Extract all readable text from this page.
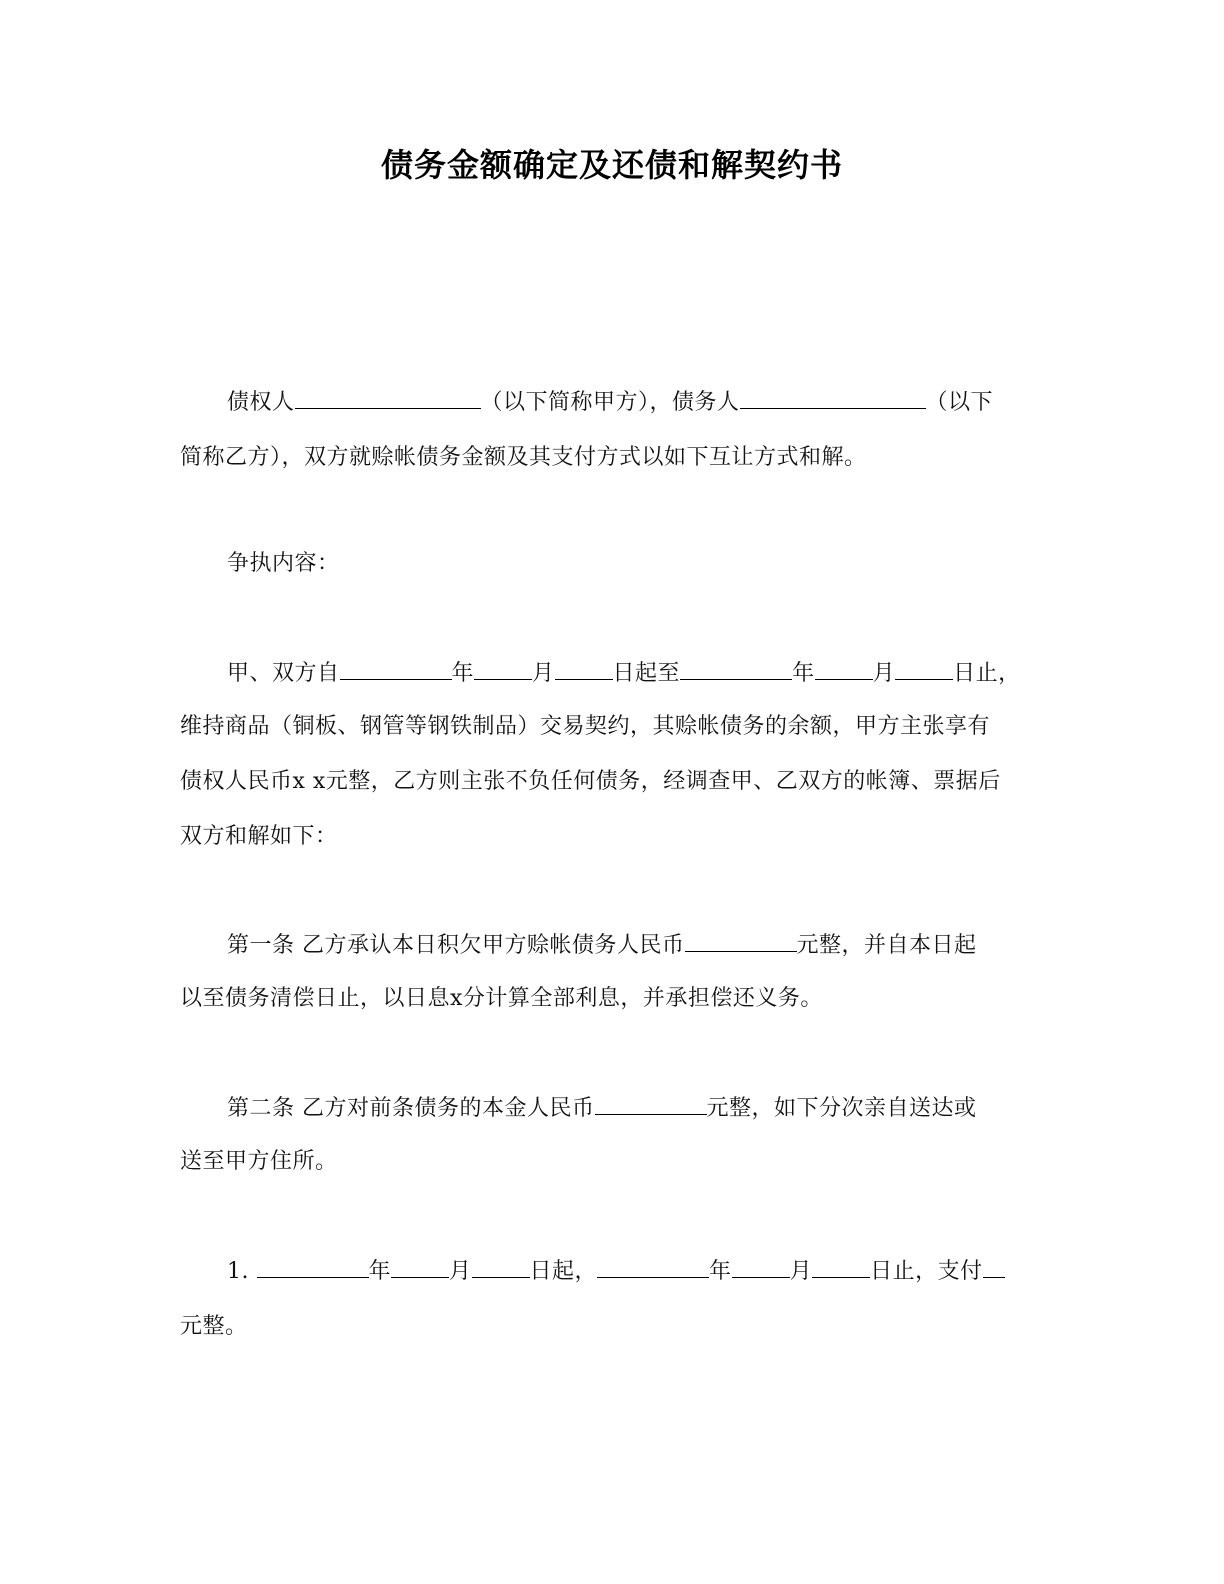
债务金额确定及还债和解契约书
债权人	（以下简称甲方），债务人	（以下
简称乙方），双方就赊帐债务金额及其支付方式以如下互让方式和解。
争执内容：
甲、双方自	年	月	日起至	年	月	日止，
维持商品（铜板、钢管等钢铁制品）交易契约，其赊帐债务的余额，甲方主张享有
债权人民币x x元整，乙方则主张不负任何债务，经调查甲、乙双方的帐簿、票据后
双方和解如下：
第一条 乙方承认本日积欠甲方赊帐债务人民币	元整，并自本日起
以至债务清偿日止，以日息x分计算全部利息，并承担偿还义务。
第二条 乙方对前条债务的本金人民币	元整，如下分次亲自送达或
送至甲方住所。
1.	年	月	日起，	年	月	日止，支付
元整。
